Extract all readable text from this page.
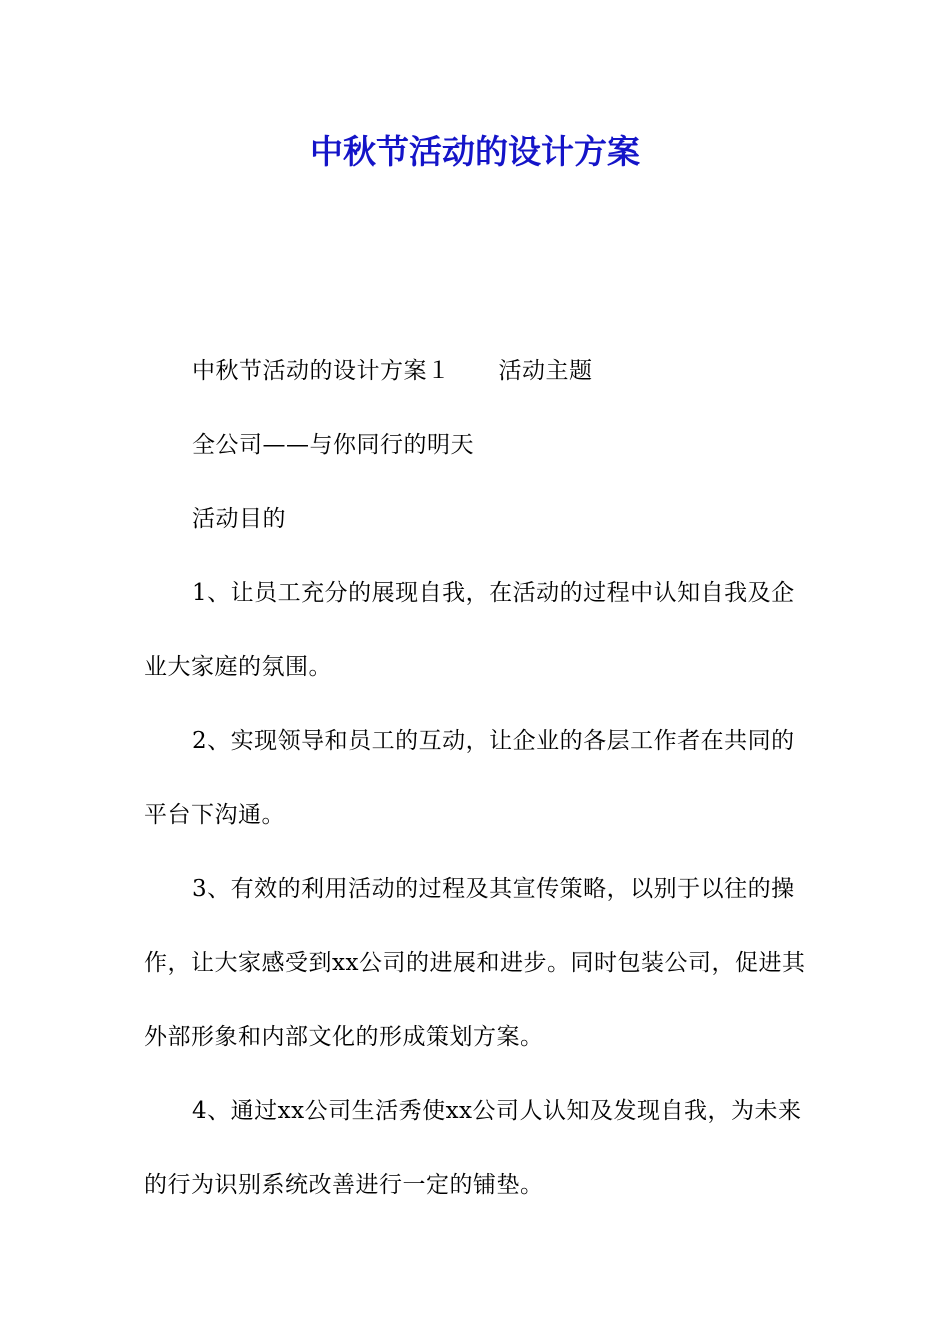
中秋节活动的设计方案

中秋节活动的设计方案１ 活动主题

全公司——与你同行的明天

活动目的

1、让员工充分的展现自我，在活动的过程中认知自我及企业大家庭的氛围。

2、实现领导和员工的互动，让企业的各层工作者在共同的平台下沟通。

3、有效的利用活动的过程及其宣传策略，以别于以往的操作，让大家感受到xx公司的进展和进步。同时包装公司，促进其外部形象和内部文化的形成策划方案。

4、通过xx公司生活秀使xx公司人认知及发现自我，为未来的行为识别系统改善进行一定的铺垫。
